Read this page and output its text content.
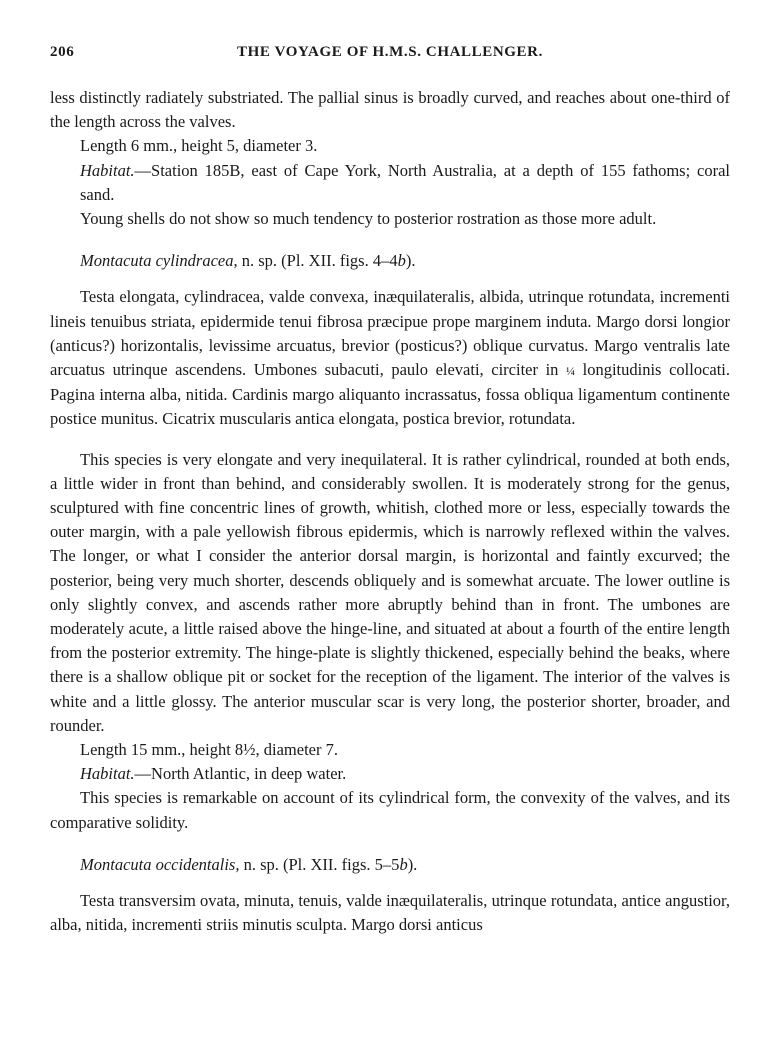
206	THE VOYAGE OF H.M.S. CHALLENGER.

less distinctly radiately substriated. The pallial sinus is broadly curved, and reaches about one-third of the length across the valves.

Length 6 mm., height 5, diameter 3.

Habitat.—Station 185B, east of Cape York, North Australia, at a depth of 155 fathoms; coral sand.

Young shells do not show so much tendency to posterior rostration as those more adult.

Montacuta cylindracea, n. sp. (Pl. XII. figs. 4–4b).

Testa elongata, cylindracea, valde convexa, inæquilateralis, albida, utrinque rotundata, incrementi lineis tenuibus striata, epidermide tenui fibrosa præcipue prope marginem induta. Margo dorsi longior (anticus?) horizontalis, levissime arcuatus, brevior (posticus?) oblique curvatus. Margo ventralis late arcuatus utrinque ascendens. Umbones subacuti, paulo elevati, circiter in ¼ longitudinis collocati. Pagina interna alba, nitida. Cardinis margo aliquanto incrassatus, fossa obliqua ligamentum continente postice munitus. Cicatrix muscularis antica elongata, postica brevior, rotundata.

This species is very elongate and very inequilateral. It is rather cylindrical, rounded at both ends, a little wider in front than behind, and considerably swollen. It is moderately strong for the genus, sculptured with fine concentric lines of growth, whitish, clothed more or less, especially towards the outer margin, with a pale yellowish fibrous epidermis, which is narrowly reflexed within the valves. The longer, or what I consider the anterior dorsal margin, is horizontal and faintly excurved; the posterior, being very much shorter, descends obliquely and is somewhat arcuate. The lower outline is only slightly convex, and ascends rather more abruptly behind than in front. The umbones are moderately acute, a little raised above the hinge-line, and situated at about a fourth of the entire length from the posterior extremity. The hinge-plate is slightly thickened, especially behind the beaks, where there is a shallow oblique pit or socket for the reception of the ligament. The interior of the valves is white and a little glossy. The anterior muscular scar is very long, the posterior shorter, broader, and rounder.

Length 15 mm., height 8½, diameter 7.

Habitat.—North Atlantic, in deep water.

This species is remarkable on account of its cylindrical form, the convexity of the valves, and its comparative solidity.

Montacuta occidentalis, n. sp. (Pl. XII. figs. 5–5b).

Testa transversim ovata, minuta, tenuis, valde inæquilateralis, utrinque rotundata, antice angustior, alba, nitida, incrementi striis minutis sculpta. Margo dorsi anticus
